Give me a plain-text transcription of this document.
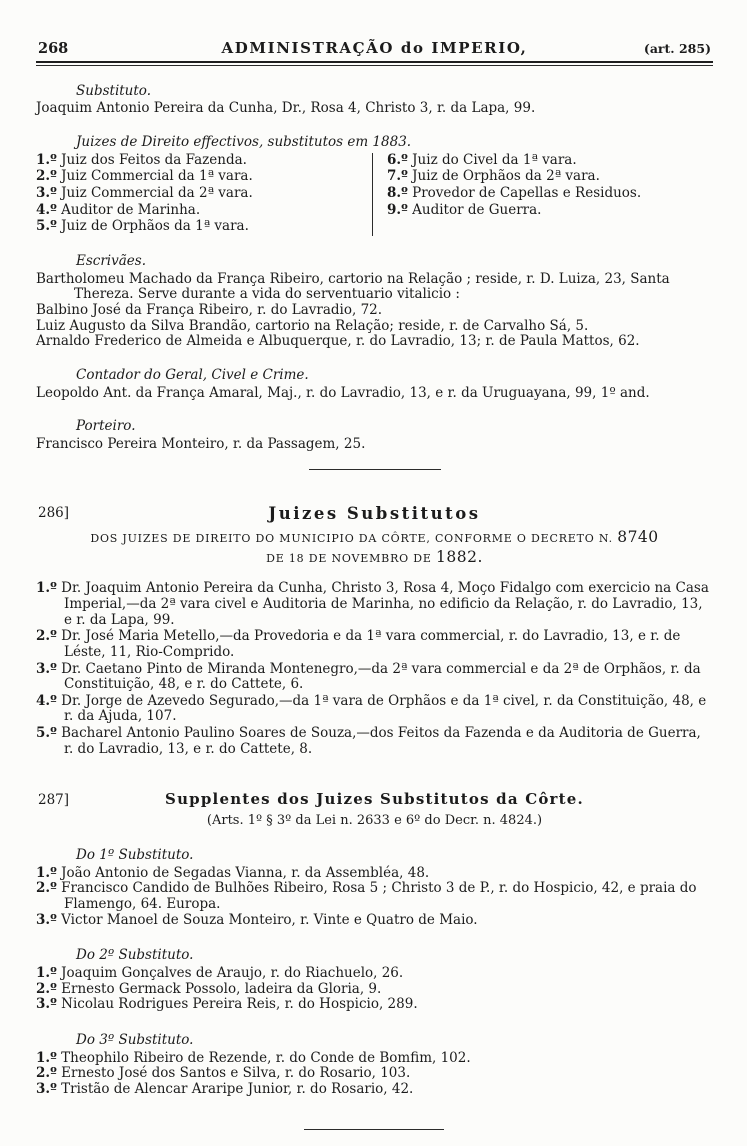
268	ADMINISTRAÇÃO do IMPERIO,	(art. 285)

Substituto.

Joaquim Antonio Pereira da Cunha, Dr., Rosa 4, Christo 3, r. da Lapa, 99.

Juizes de Direito effectivos, substitutos em 1883.

1.º Juiz dos Feitos da Fazenda.
2.º Juiz Commercial da 1ª vara.
3.º Juiz Commercial da 2ª vara.
4.º Auditor de Marinha.
5.º Juiz de Orphãos da 1ª vara.
6.º Juiz do Civel da 1ª vara.
7.º Juiz de Orphãos da 2ª vara.
8.º Provedor de Capellas e Residuos.
9.º Auditor de Guerra.

Escrivães.

Bartholomeu Machado da França Ribeiro, cartorio na Relação ; reside, r. D. Luiza, 23, Santa Thereza. Serve durante a vida do serventuario vitalicio :

Balbino José da França Ribeiro, r. do Lavradio, 72.

Luiz Augusto da Silva Brandão, cartorio na Relação; reside, r. de Carvalho Sá, 5.

Arnaldo Frederico de Almeida e Albuquerque, r. do Lavradio, 13; r. de Paula Mattos, 62.

Contador do Geral, Civel e Crime.

Leopoldo Ant. da França Amaral, Maj., r. do Lavradio, 13, e r. da Uruguayana, 99, 1º and.

Porteiro.

Francisco Pereira Monteiro, r. da Passagem, 25.

286]	Juizes Substitutos

DOS JUIZES DE DIREITO DO MUNICIPIO DA CÔRTE, CONFORME O DECRETO N. 8740

DE 18 DE NOVEMBRO DE 1882.

1.º Dr. Joaquim Antonio Pereira da Cunha, Christo 3, Rosa 4, Moço Fidalgo com exercicio na Casa Imperial,—da 2ª vara civel e Auditoria de Marinha, no edificio da Relação, r. do Lavradio, 13, e r. da Lapa, 99.

2.º Dr. José Maria Metello,—da Provedoria e da 1ª vara commercial, r. do Lavradio, 13, e r. de Léste, 11, Rio-Comprido.

3.º Dr. Caetano Pinto de Miranda Montenegro,—da 2ª vara commercial e da 2ª de Orphãos, r. da Constituição, 48, e r. do Cattete, 6.

4.º Dr. Jorge de Azevedo Segurado,—da 1ª vara de Orphãos e da 1ª civel, r. da Constituição, 48, e r. da Ajuda, 107.

5.º Bacharel Antonio Paulino Soares de Souza,—dos Feitos da Fazenda e da Auditoria de Guerra, r. do Lavradio, 13, e r. do Cattete, 8.

287]	Supplentes dos Juizes Substitutos da Côrte.

(Arts. 1º § 3º da Lei n. 2633 e 6º do Decr. n. 4824.)

Do 1º Substituto.

1.º João Antonio de Segadas Vianna, r. da Assembléa, 48.

2.º Francisco Candido de Bulhões Ribeiro, Rosa 5 ; Christo 3 de P., r. do Hospicio, 42, e praia do Flamengo, 64. Europa.

3.º Victor Manoel de Souza Monteiro, r. Vinte e Quatro de Maio.

Do 2º Substituto.

1.º Joaquim Gonçalves de Araujo, r. do Riachuelo, 26.

2.º Ernesto Germack Possolo, ladeira da Gloria, 9.

3.º Nicolau Rodrigues Pereira Reis, r. do Hospicio, 289.

Do 3º Substituto.

1.º Theophilo Ribeiro de Rezende, r. do Conde de Bomfim, 102.

2.º Ernesto José dos Santos e Silva, r. do Rosario, 103.

3.º Tristão de Alencar Araripe Junior, r. do Rosario, 42.
